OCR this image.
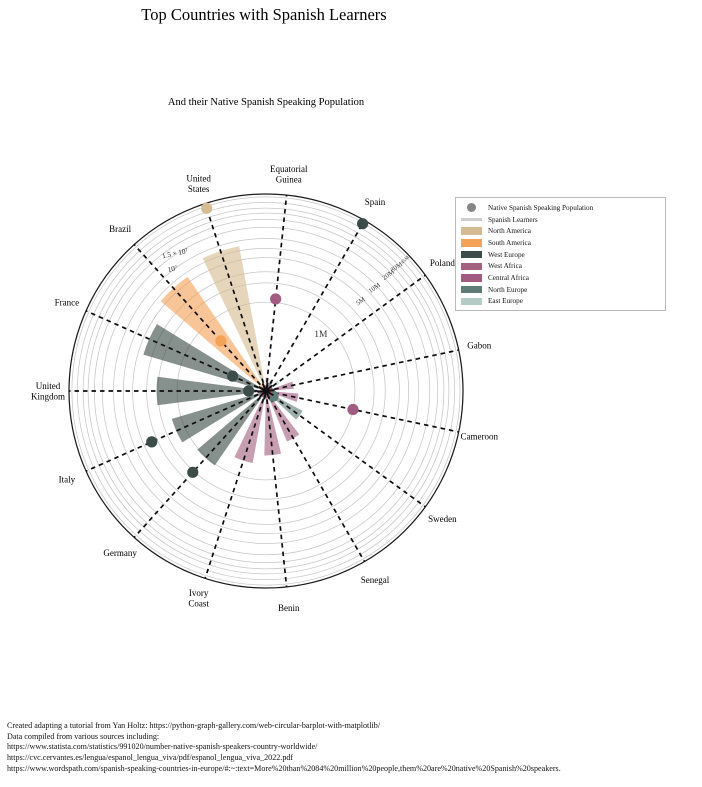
1M
5M
10M
20M
30M
45M
10⁷
1.5 × 10⁷
Equatorial
Guinea
Spain
Poland
Gabon
Cameroon
Sweden
Senegal
Benin
Ivory
Coast
Germany
Italy
United
Kingdom
France
Brazil
United
States
Top Countries with Spanish Learners
And their Native Spanish Speaking Population
Native Spanish Speaking Population
Spanish Learners
North America
South America
West Europe
West Africa
Central Africa
North Europe
East Europe
Created adapting a tutorial from Yan Holtz: https://python-graph-gallery.com/web-circular-barplot-with-matplotlib/
Data compiled from various sources including:
https://www.statista.com/statistics/991020/number-native-spanish-speakers-country-worldwide/
https://cvc.cervantes.es/lengua/espanol_lengua_viva/pdf/espanol_lengua_viva_2022.pdf
https://www.wordspath.com/spanish-speaking-countries-in-europe/#:~:text=More%20than%2084%20million%20people,them%20are%20native%20Spanish%20speakers.
